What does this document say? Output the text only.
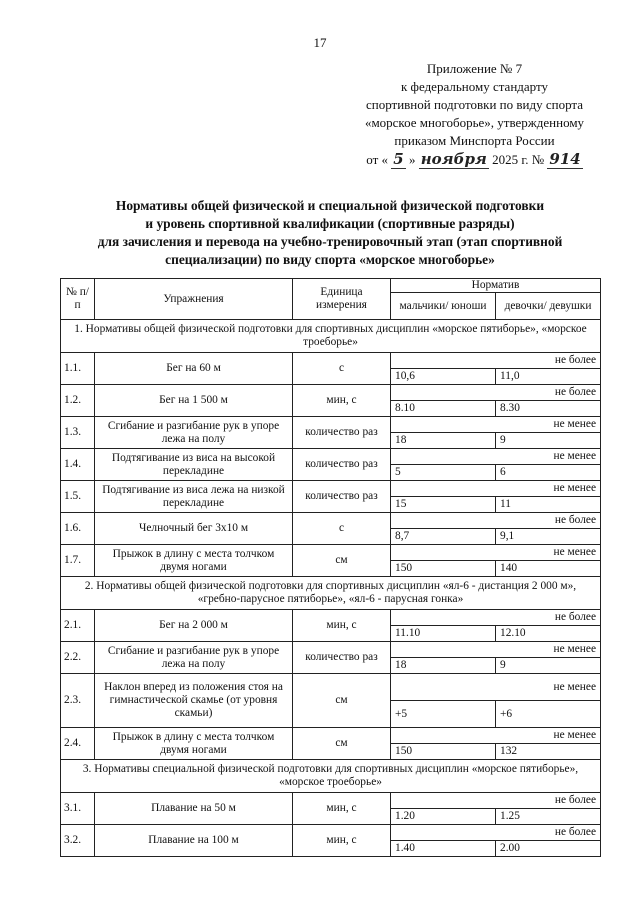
17
Приложение № 7
к федеральному стандарту
спортивной подготовки по виду спорта
«морское многоборье», утвержденному
приказом Минспорта России
от « 5 » ноября 2025 г. № 914
Нормативы общей физической и специальной физической подготовки
и уровень спортивной квалификации (спортивные разряды)
для зачисления и перевода на учебно-тренировочный этап (этап спортивной
специализации) по виду спорта «морское многоборье»
№ п/п	Упражнения	Единица измерения	Норматив	
			мальчики/ юноши	девочки/ девушки
1. Нормативы общей физической подготовки для спортивных дисциплин «морское пятиборье», «морское троеборье»				
1.1.	Бег на 60 м	с	не более	
			10,6	11,0
1.2.	Бег на 1 500 м	мин, с	не более	
			8.10	8.30
1.3.	Сгибание и разгибание рук в упоре лежа на полу	количество раз	не менее	
			18	9
1.4.	Подтягивание из виса на высокой перекладине	количество раз	не менее	
			5	6
1.5.	Подтягивание из виса лежа на низкой перекладине	количество раз	не менее	
			15	11
1.6.	Челночный бег 3х10 м	с	не более	
			8,7	9,1
1.7.	Прыжок в длину с места толчком двумя ногами	см	не менее	
			150	140
2. Нормативы общей физической подготовки для спортивных дисциплин «ял-6 - дистанция 2 000 м», «гребно-парусное пятиборье», «ял-6 - парусная гонка»				
2.1.	Бег на 2 000 м	мин, с	не более	
			11.10	12.10
2.2.	Сгибание и разгибание рук в упоре лежа на полу	количество раз	не менее	
			18	9
2.3.	Наклон вперед из положения стоя на гимнастической скамье (от уровня скамьи)	см	не менее	
			+5	+6
2.4.	Прыжок в длину с места толчком двумя ногами	см	не менее	
			150	132
3. Нормативы специальной физической подготовки для спортивных дисциплин «морское пятиборье», «морское троеборье»				
3.1.	Плавание на 50 м	мин, с	не более	
			1.20	1.25
3.2.	Плавание на 100 м	мин, с	не более	
			1.40	2.00
